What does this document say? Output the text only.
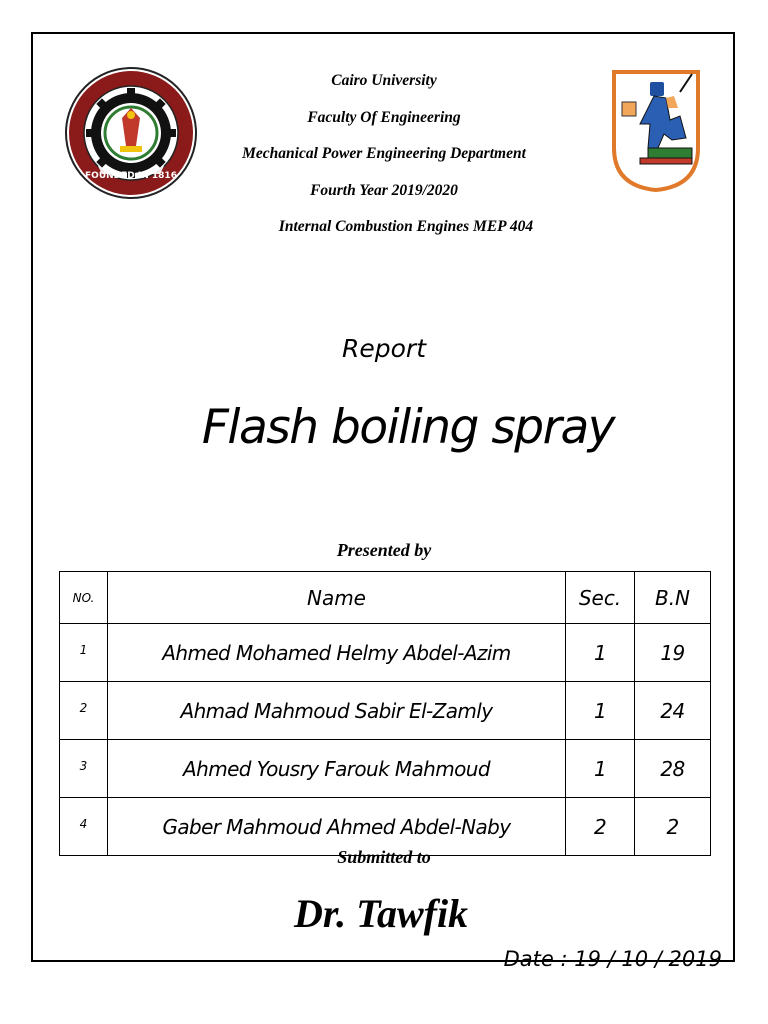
FOUNDED IN 1816
Cairo University
Faculty Of Engineering
Mechanical Power Engineering Department
Fourth Year 2019/2020
Internal Combustion Engines MEP 404
Report
Flash boiling spray
Presented by
NO.	Name	Sec.	B.N
1	Ahmed Mohamed Helmy Abdel-Azim	1	19
2	Ahmad Mahmoud Sabir El-Zamly	1	24
3	Ahmed Yousry Farouk Mahmoud	1	28
4	Gaber Mahmoud Ahmed Abdel-Naby	2	2
Submitted to
Dr. Tawfik
Date : 19 / 10 / 2019
